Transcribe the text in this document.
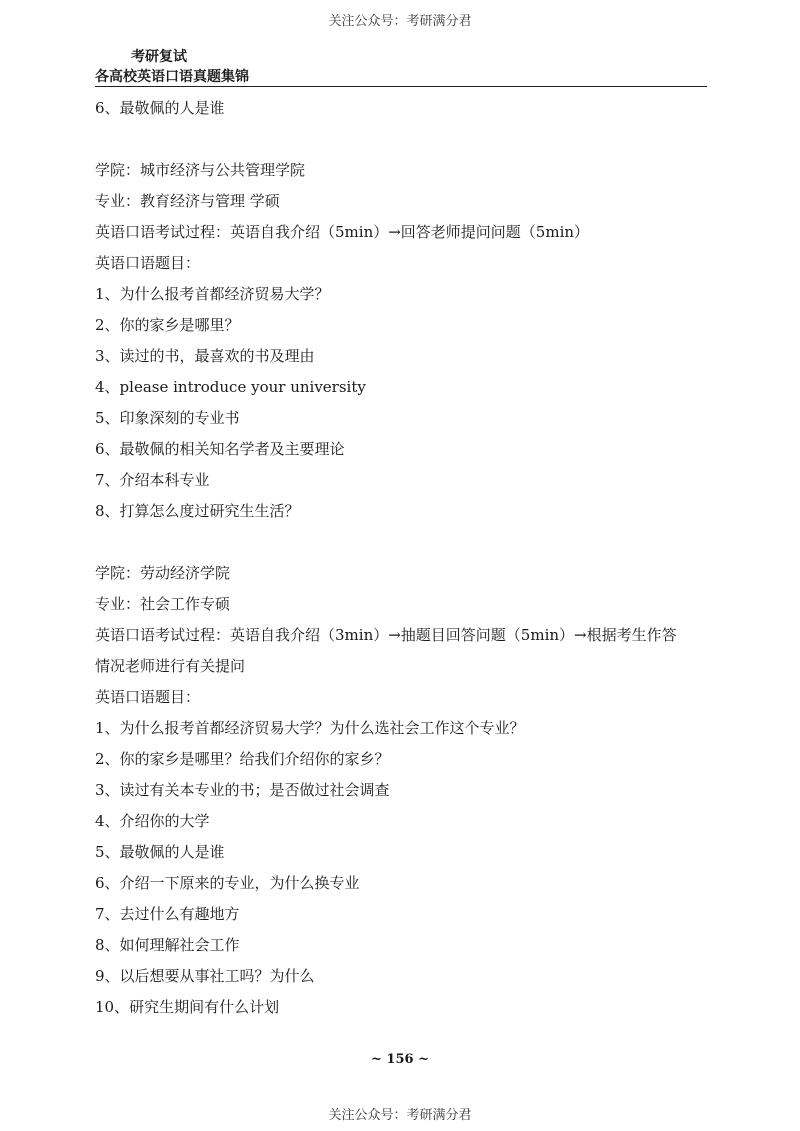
关注公众号：考研满分君
考研复试
各高校英语口语真题集锦
6、最敬佩的人是谁
学院：城市经济与公共管理学院
专业：教育经济与管理 学硕
英语口语考试过程：英语自我介绍（5min）→回答老师提问问题（5min）
英语口语题目：
1、为什么报考首都经济贸易大学？
2、你的家乡是哪里？
3、读过的书，最喜欢的书及理由
4、please introduce your university
5、印象深刻的专业书
6、最敬佩的相关知名学者及主要理论
7、介绍本科专业
8、打算怎么度过研究生生活？
学院：劳动经济学院
专业：社会工作专硕
英语口语考试过程：英语自我介绍（3min）→抽题目回答问题（5min）→根据考生作答
情况老师进行有关提问
英语口语题目：
1、为什么报考首都经济贸易大学？为什么选社会工作这个专业？
2、你的家乡是哪里？给我们介绍你的家乡？
3、读过有关本专业的书；是否做过社会调查
4、介绍你的大学
5、最敬佩的人是谁
6、介绍一下原来的专业，为什么换专业
7、去过什么有趣地方
8、如何理解社会工作
9、以后想要从事社工吗？为什么
10、研究生期间有什么计划
~ 156 ~
关注公众号：考研满分君
